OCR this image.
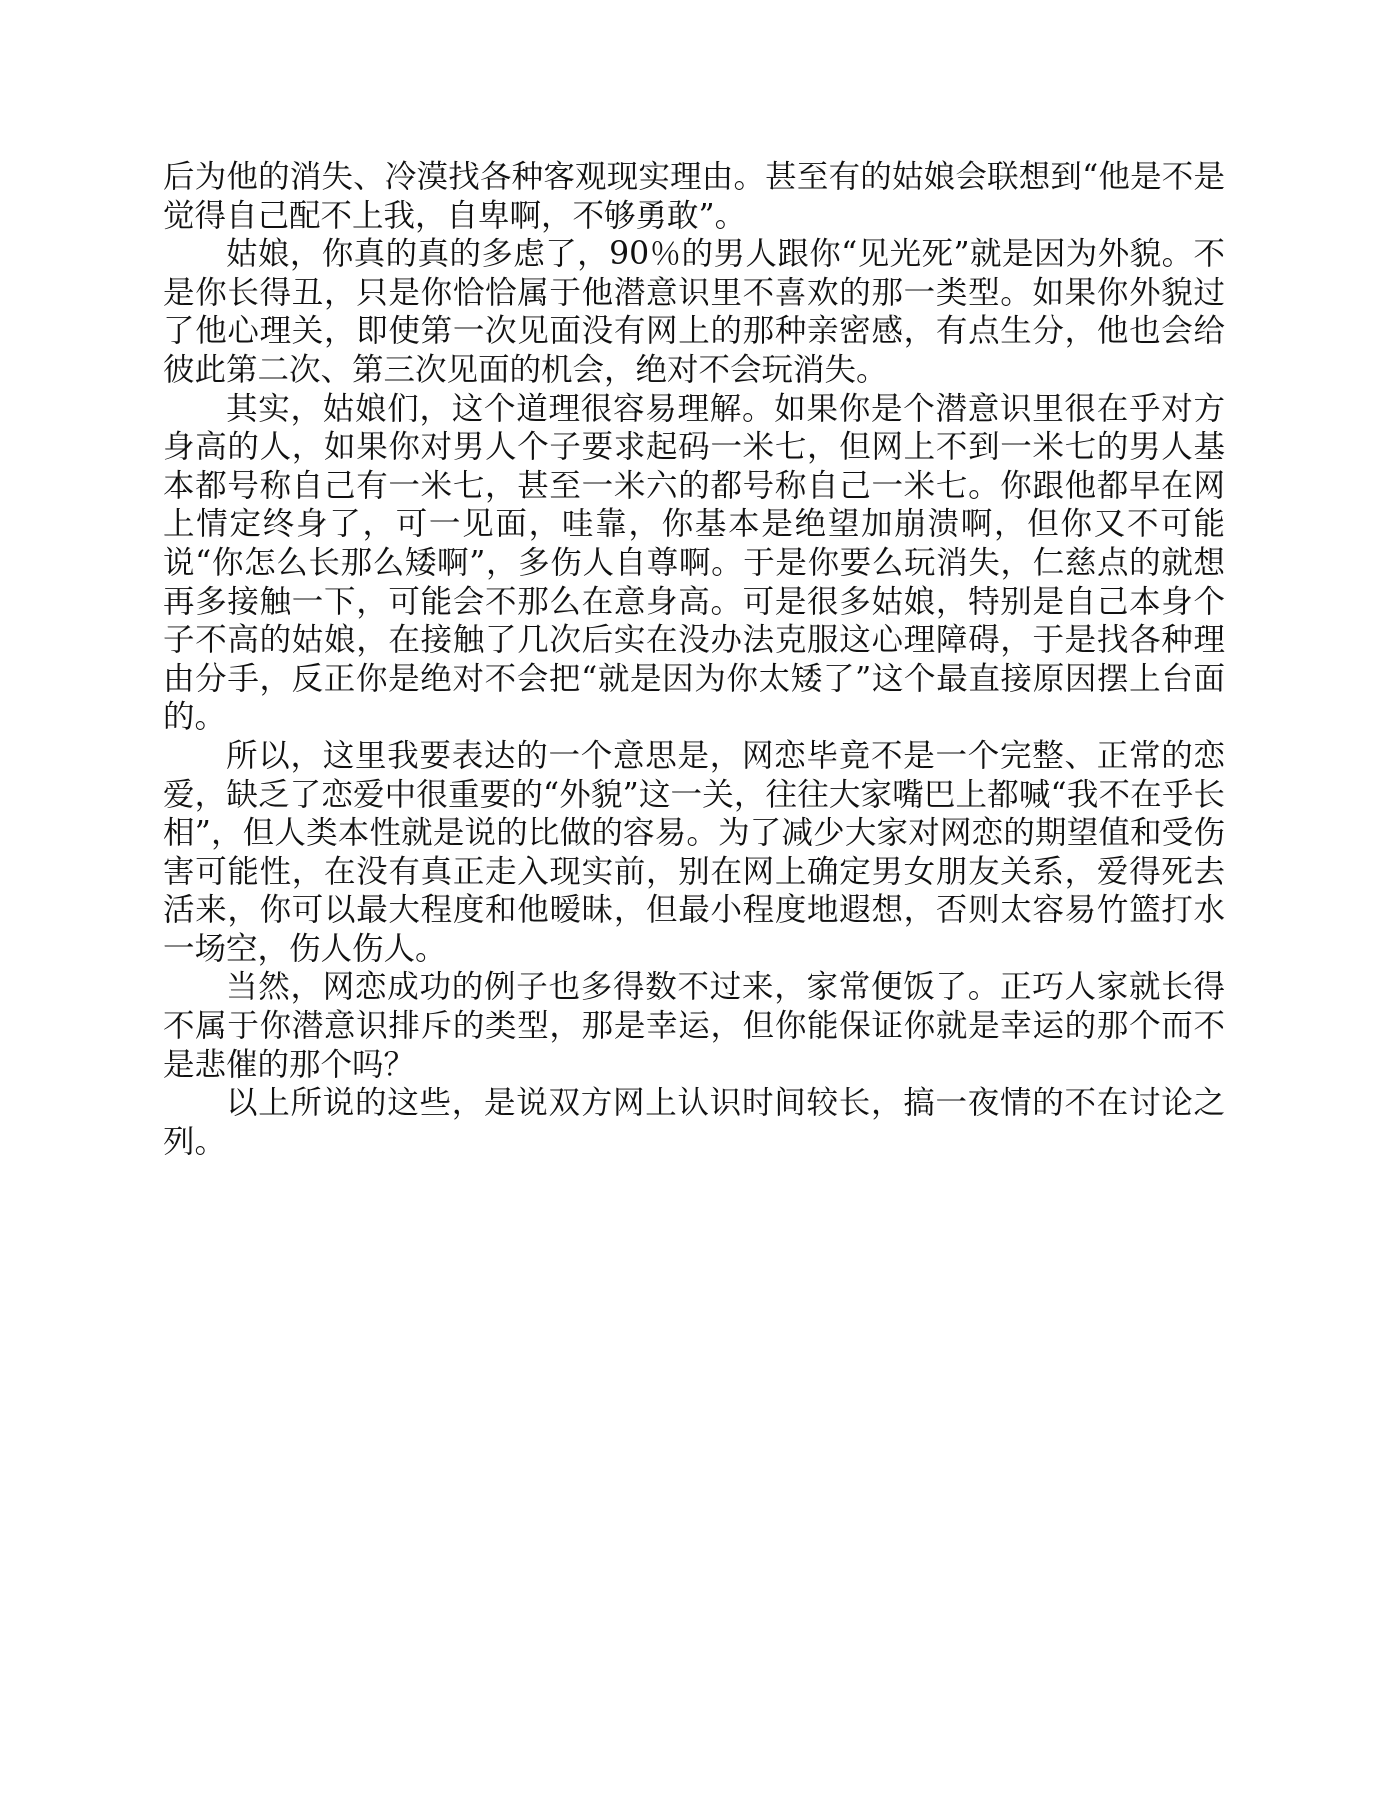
后为他的消失、冷漠找各种客观现实理由。甚至有的姑娘会联想到“他是不是觉得自己配不上我，自卑啊，不够勇敢”。

姑娘，你真的真的多虑了，90％的男人跟你“见光死”就是因为外貌。不是你长得丑，只是你恰恰属于他潜意识里不喜欢的那一类型。如果你外貌过了他心理关，即使第一次见面没有网上的那种亲密感，有点生分，他也会给彼此第二次、第三次见面的机会，绝对不会玩消失。

其实，姑娘们，这个道理很容易理解。如果你是个潜意识里很在乎对方身高的人，如果你对男人个子要求起码一米七，但网上不到一米七的男人基本都号称自己有一米七，甚至一米六的都号称自己一米七。你跟他都早在网上情定终身了，可一见面，哇靠，你基本是绝望加崩溃啊，但你又不可能说“你怎么长那么矮啊”，多伤人自尊啊。于是你要么玩消失，仁慈点的就想再多接触一下，可能会不那么在意身高。可是很多姑娘，特别是自己本身个子不高的姑娘，在接触了几次后实在没办法克服这心理障碍，于是找各种理由分手，反正你是绝对不会把“就是因为你太矮了”这个最直接原因摆上台面的。

所以，这里我要表达的一个意思是，网恋毕竟不是一个完整、正常的恋爱，缺乏了恋爱中很重要的“外貌”这一关，往往大家嘴巴上都喊“我不在乎长相”，但人类本性就是说的比做的容易。为了减少大家对网恋的期望值和受伤害可能性，在没有真正走入现实前，别在网上确定男女朋友关系，爱得死去活来，你可以最大程度和他暧昧，但最小程度地遐想，否则太容易竹篮打水一场空，伤人伤人。

当然，网恋成功的例子也多得数不过来，家常便饭了。正巧人家就长得不属于你潜意识排斥的类型，那是幸运，但你能保证你就是幸运的那个而不是悲催的那个吗？

以上所说的这些，是说双方网上认识时间较长，搞一夜情的不在讨论之列。
